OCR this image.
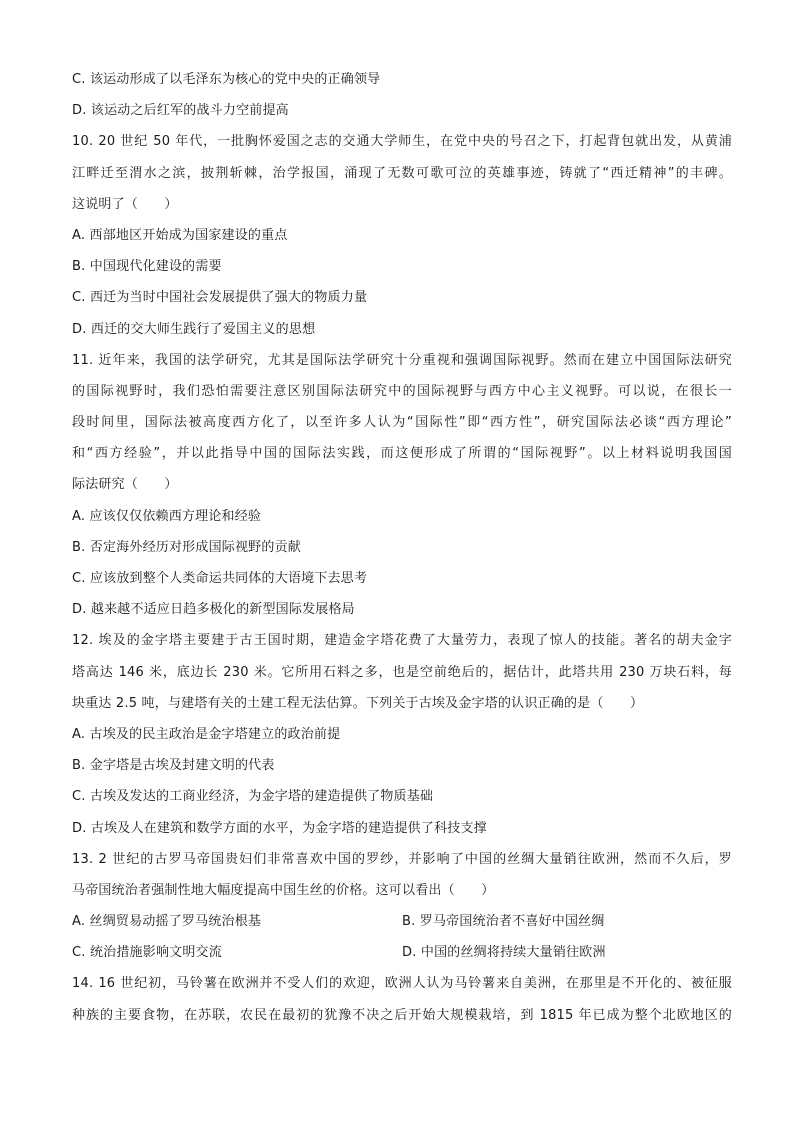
C. 该运动形成了以毛泽东为核心的党中央的正确领导
D. 该运动之后红军的战斗力空前提高
10. 20 世纪 50 年代，一批胸怀爱国之志的交通大学师生，在党中央的号召之下，打起背包就出发，从黄浦
江畔迁至渭水之滨，披荆斩棘，治学报国，涌现了无数可歌可泣的英雄事迹，铸就了“西迁精神”的丰碑。
这说明了（　　）
A. 西部地区开始成为国家建设的重点
B. 中国现代化建设的需要
C. 西迁为当时中国社会发展提供了强大的物质力量
D. 西迁的交大师生践行了爱国主义的思想
11. 近年来，我国的法学研究，尤其是国际法学研究十分重视和强调国际视野。然而在建立中国国际法研究
的国际视野时，我们恐怕需要注意区别国际法研究中的国际视野与西方中心主义视野。可以说，在很长一
段时间里，国际法被高度西方化了，以至许多人认为“国际性”即“西方性”，研究国际法必谈“西方理论”
和“西方经验”，并以此指导中国的国际法实践，而这便形成了所谓的“国际视野”。以上材料说明我国国
际法研究（　　）
A. 应该仅仅依赖西方理论和经验
B. 否定海外经历对形成国际视野的贡献
C. 应该放到整个人类命运共同体的大语境下去思考
D. 越来越不适应日趋多极化的新型国际发展格局
12. 埃及的金字塔主要建于古王国时期，建造金字塔花费了大量劳力，表现了惊人的技能。著名的胡夫金字
塔高达 146 米，底边长 230 米。它所用石料之多，也是空前绝后的，据估计，此塔共用 230 万块石料，每
块重达 2.5 吨，与建塔有关的土建工程无法估算。下列关于古埃及金字塔的认识正确的是（　　）
A. 古埃及的民主政治是金字塔建立的政治前提
B. 金字塔是古埃及封建文明的代表
C. 古埃及发达的工商业经济，为金字塔的建造提供了物质基础
D. 古埃及人在建筑和数学方面的水平，为金字塔的建造提供了科技支撑
13. 2 世纪的古罗马帝国贵妇们非常喜欢中国的罗纱，并影响了中国的丝绸大量销往欧洲，然而不久后，罗
马帝国统治者强制性地大幅度提高中国生丝的价格。这可以看出（　　）
A. 丝绸贸易动摇了罗马统治根基	B. 罗马帝国统治者不喜好中国丝绸
C. 统治措施影响文明交流	D. 中国的丝绸将持续大量销往欧洲
14. 16 世纪初，马铃薯在欧洲并不受人们的欢迎，欧洲人认为马铃薯来自美洲，在那里是不开化的、被征服
种族的主要食物，在苏联，农民在最初的犹豫不决之后开始大规模栽培，到 1815 年已成为整个北欧地区的
